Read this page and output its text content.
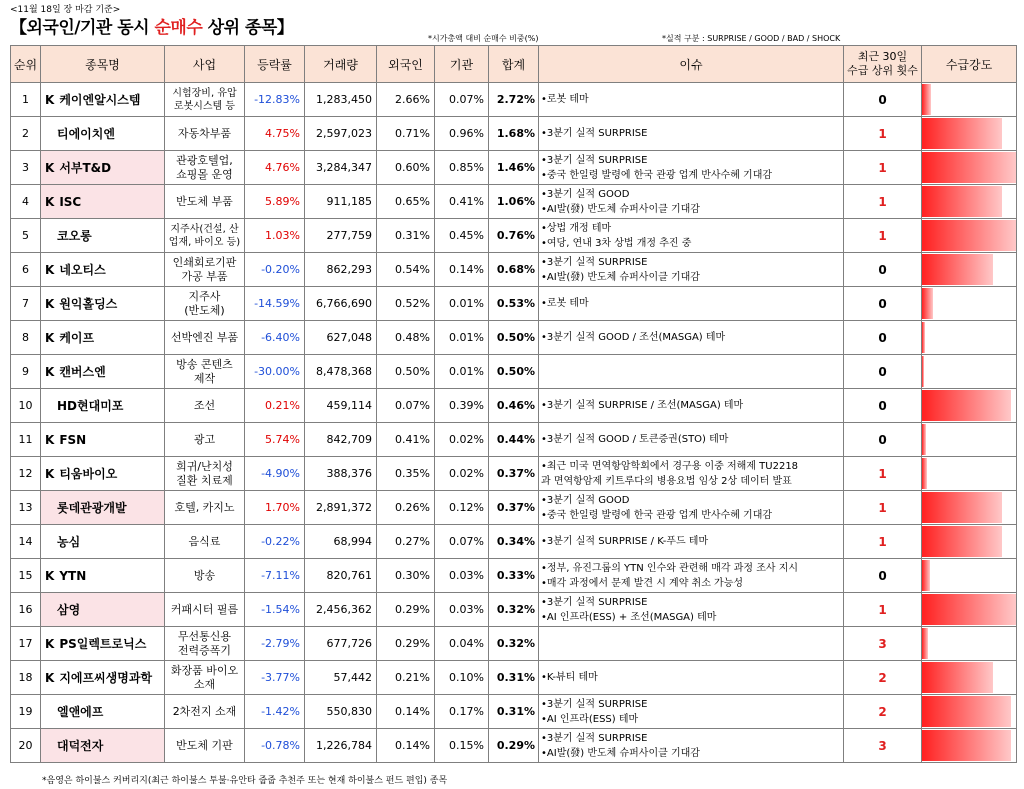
<11월 18일 장 마감 기준>
【외국인/기관 동시 순매수 상위 종목】
*시가총액 대비 순매수 비중(%)	*실적 구분 : SURPRISE / GOOD / BAD / SHOCK
순위	종목명	사업	등락률	거래량	외국인	기관	합계	이슈	최근 30일
수급 상위 횟수	수급강도
1	K 케이엔알시스템	시험장비, 유압
로봇시스템 등	-12.83%	1,283,450	2.66%	0.07%	2.72%	•로봇 테마	0	

2	티에이치엔	자동차부품	4.75%	2,597,023	0.71%	0.96%	1.68%	•3분기 실적 SURPRISE	1	

3	K 서부T&D	관광호텔업,
쇼핑몰 운영	4.76%	3,284,347	0.60%	0.85%	1.46%	•3분기 실적 SURPRISE
•중국 한일령 발령에 한국 관광 업계 반사수혜 기대감	1	

4	K ISC	반도체 부품	5.89%	911,185	0.65%	0.41%	1.06%	•3분기 실적 GOOD
•AI발(發) 반도체 슈퍼사이클 기대감	1	

5	코오롱	지주사(건설, 산
업재, 바이오 등)	1.03%	277,759	0.31%	0.45%	0.76%	•상법 개정 테마
•여당, 연내 3차 상법 개정 추진 중	1	

6	K 네오티스	인쇄회로기판
가공 부품	-0.20%	862,293	0.54%	0.14%	0.68%	•3분기 실적 SURPRISE
•AI발(發) 반도체 슈퍼사이클 기대감	0	

7	K 원익홀딩스	지주사
(반도체)	-14.59%	6,766,690	0.52%	0.01%	0.53%	•로봇 테마	0	

8	K 케이프	선박엔진 부품	-6.40%	627,048	0.48%	0.01%	0.50%	•3분기 실적 GOOD / 조선(MASGA) 테마	0	

9	K 캔버스엔	방송 콘텐츠
제작	-30.00%	8,478,368	0.50%	0.01%	0.50%		0	

10	HD현대미포	조선	0.21%	459,114	0.07%	0.39%	0.46%	•3분기 실적 SURPRISE / 조선(MASGA) 테마	0	

11	K FSN	광고	5.74%	842,709	0.41%	0.02%	0.44%	•3분기 실적 GOOD / 토큰증권(STO) 테마	0	

12	K 티움바이오	희귀/난치성
질환 치료제	-4.90%	388,376	0.35%	0.02%	0.37%	•최근 미국 면역항암학회에서 경구용 이중 저해제 TU2218
과 면역항암제 키트루다의 병용요법 임상 2상 데이터 발표	1	

13	롯데관광개발	호텔, 카지노	1.70%	2,891,372	0.26%	0.12%	0.37%	•3분기 실적 GOOD
•중국 한일령 발령에 한국 관광 업계 반사수혜 기대감	1	

14	농심	음식료	-0.22%	68,994	0.27%	0.07%	0.34%	•3분기 실적 SURPRISE / K-푸드 테마	1	

15	K YTN	방송	-7.11%	820,761	0.30%	0.03%	0.33%	•정부, 유진그룹의 YTN 인수와 관련해 매각 과정 조사 지시
•매각 과정에서 문제 발견 시 계약 취소 가능성	0	

16	삼영	커패시터 필름	-1.54%	2,456,362	0.29%	0.03%	0.32%	•3분기 실적 SURPRISE
•AI 인프라(ESS) + 조선(MASGA) 테마	1	

17	K PS일렉트로닉스	무선통신용
전력증폭기	-2.79%	677,726	0.29%	0.04%	0.32%		3	

18	K 지에프씨생명과학	화장품 바이오
소재	-3.77%	57,442	0.21%	0.10%	0.31%	•K-뷰티 테마	2	

19	엘앤에프	2차전지 소재	-1.42%	550,830	0.14%	0.17%	0.31%	•3분기 실적 SURPRISE
•AI 인프라(ESS) 테마	2	

20	대덕전자	반도체 기판	-0.78%	1,226,784	0.14%	0.15%	0.29%	•3분기 실적 SURPRISE
•AI발(發) 반도체 슈퍼사이클 기대감	3	
*음영은 하이불스 커버리지(최근 하이불스 투불·유안타 줍줍 추천주 또는 현재 하이불스 펀드 편입) 종목
